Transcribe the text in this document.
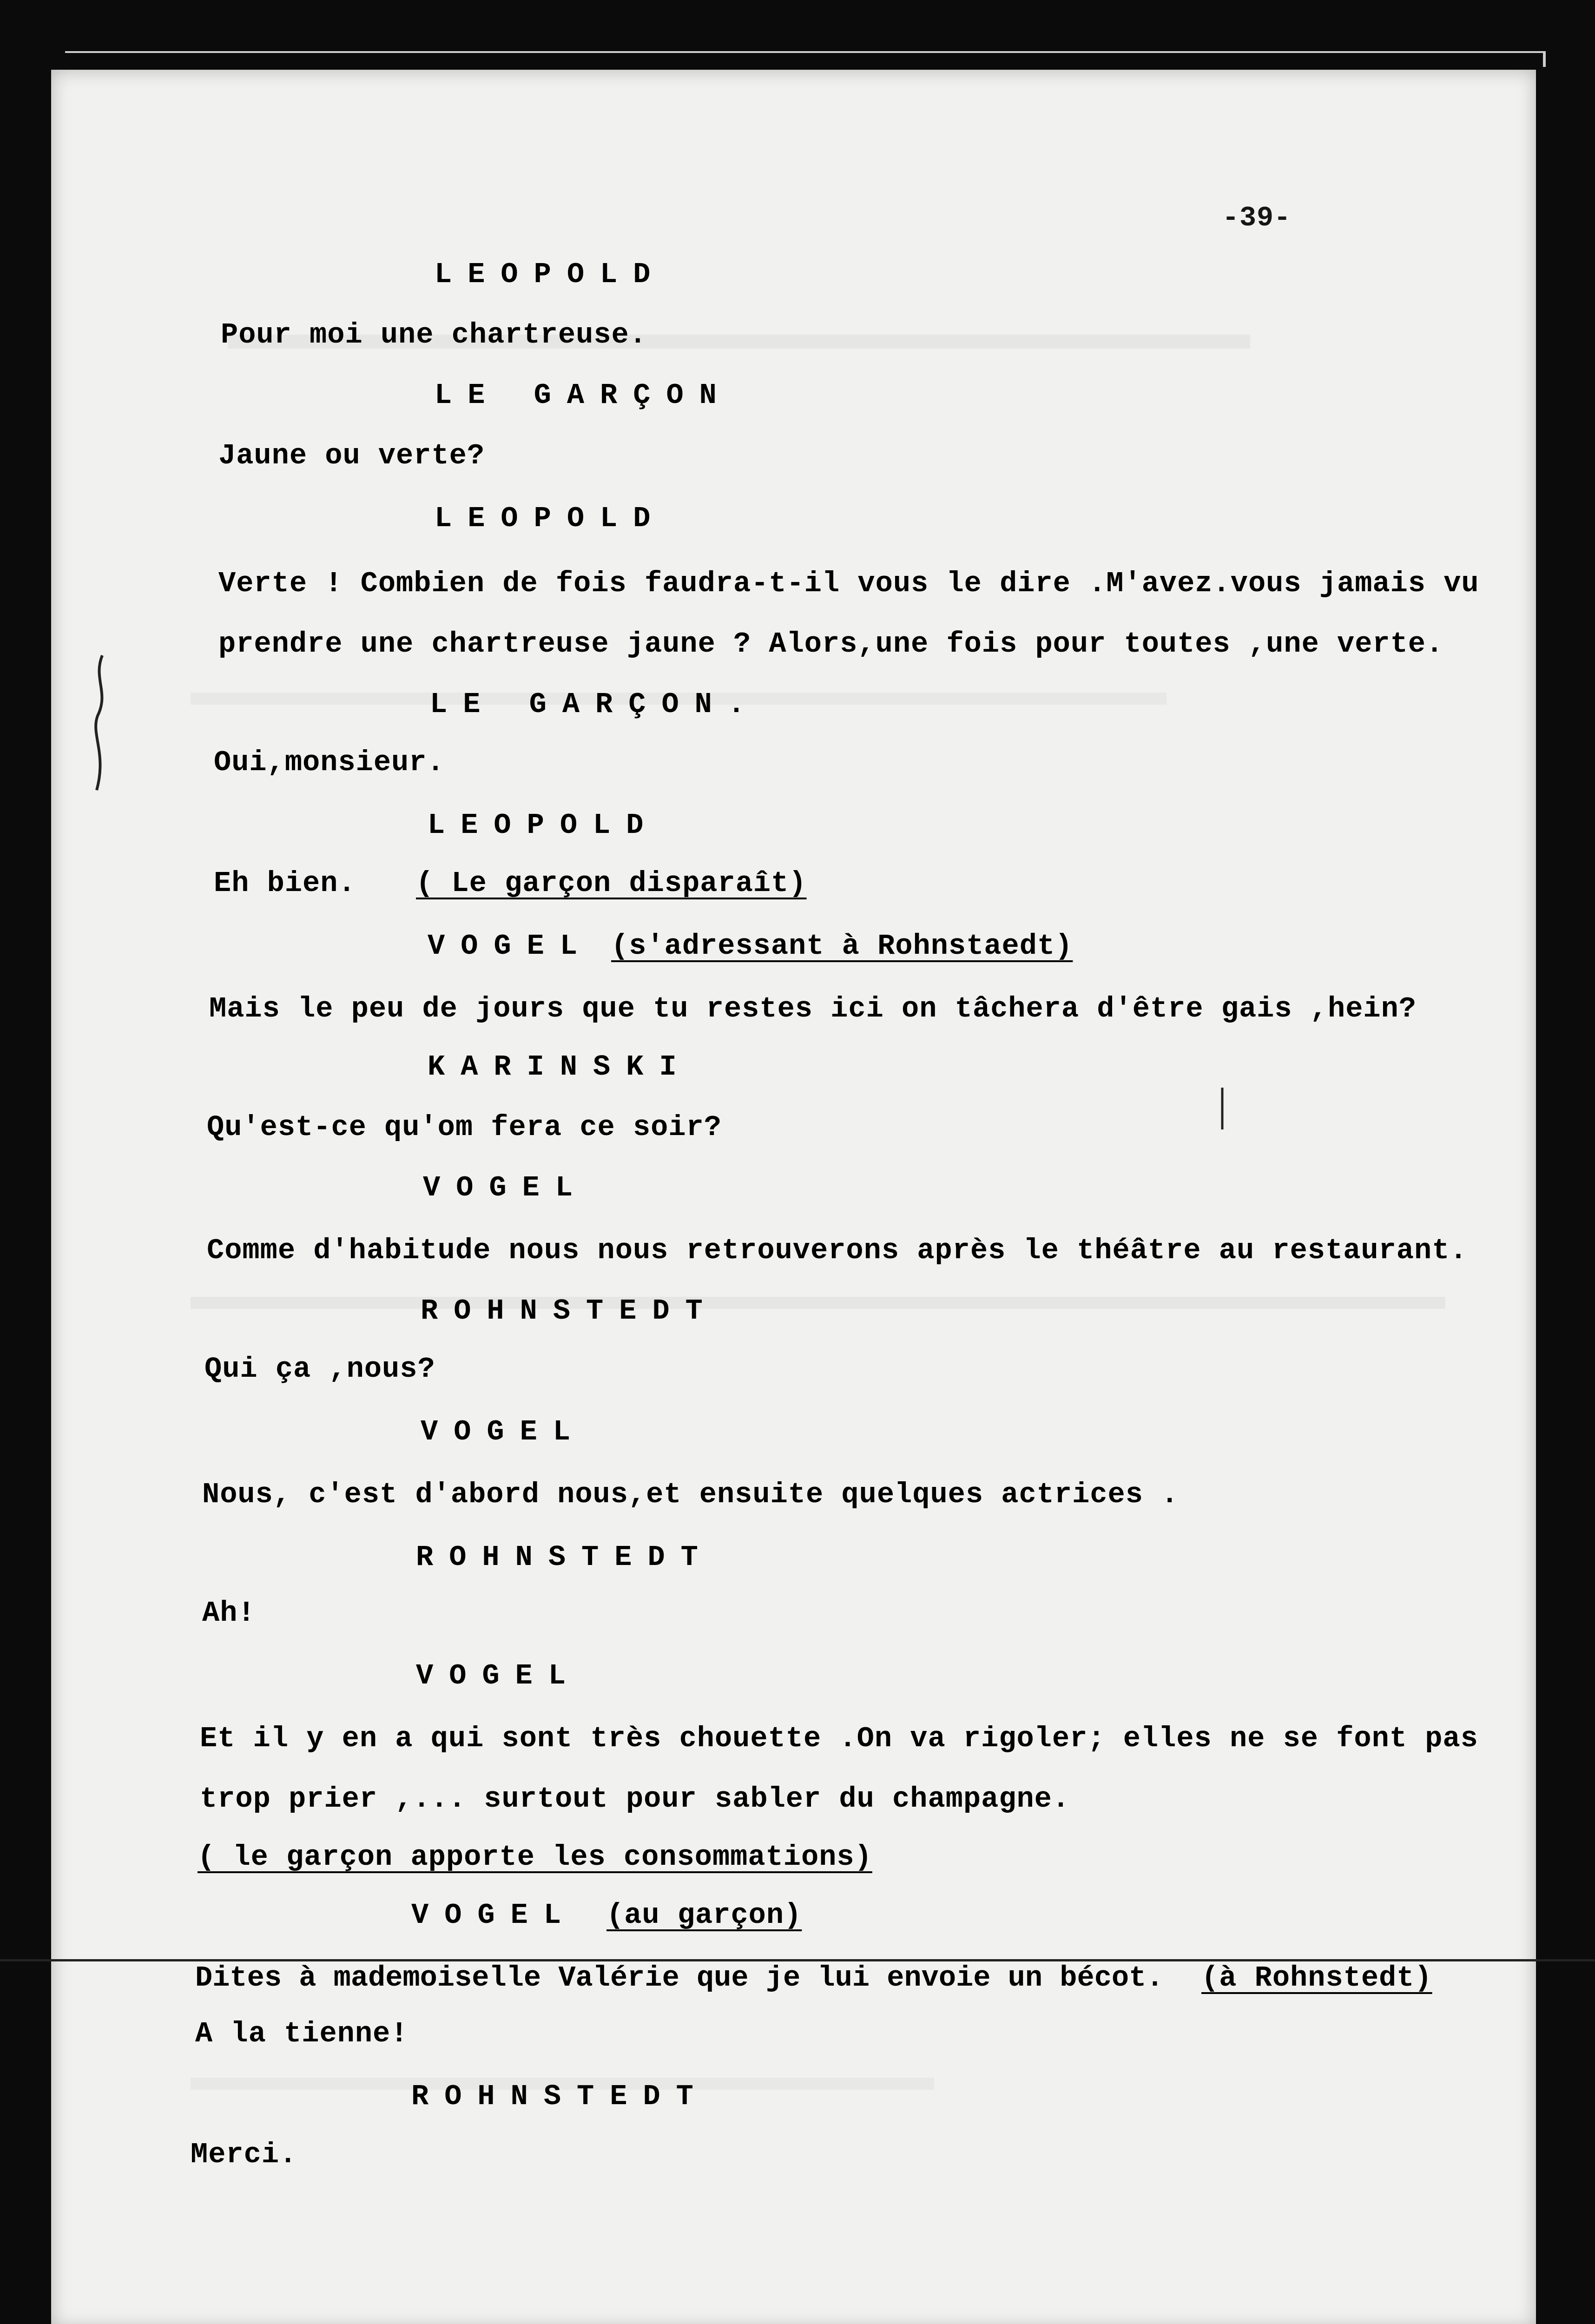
-39-
LEOPOLD
Pour moi une chartreuse.
LE GARÇON
Jaune ou verte?
LEOPOLD
Verte ! Combien de fois faudra-t-il vous le dire .M'avez.vous jamais vu
prendre une chartreuse jaune ? Alors,une fois pour toutes ,une verte.
LE GARÇON.
Oui,monsieur.
LEOPOLD
Eh bien. ( Le garçon disparaît)
VOGEL (s'adressant à Rohnstaedt)
Mais le peu de jours que tu restes ici on tâchera d'être gais ,hein?
KARINSKI
Qu'est-ce qu'om fera ce soir?
VOGEL
Comme d'habitude nous nous retrouverons après le théâtre au restaurant.
ROHNSTEDT
Qui ça ,nous?
VOGEL
Nous, c'est d'abord nous,et ensuite quelques actrices .
ROHNSTEDT
Ah!
VOGEL
Et il y en a qui sont très chouette .On va rigoler; elles ne se font pas
trop prier ,... surtout pour sabler du champagne.
( le garçon apporte les consommations)
VOGEL (au garçon)
Dites à mademoiselle Valérie que je lui envoie un bécot. (à Rohnstedt)
A la tienne!
ROHNSTEDT
Merci.
